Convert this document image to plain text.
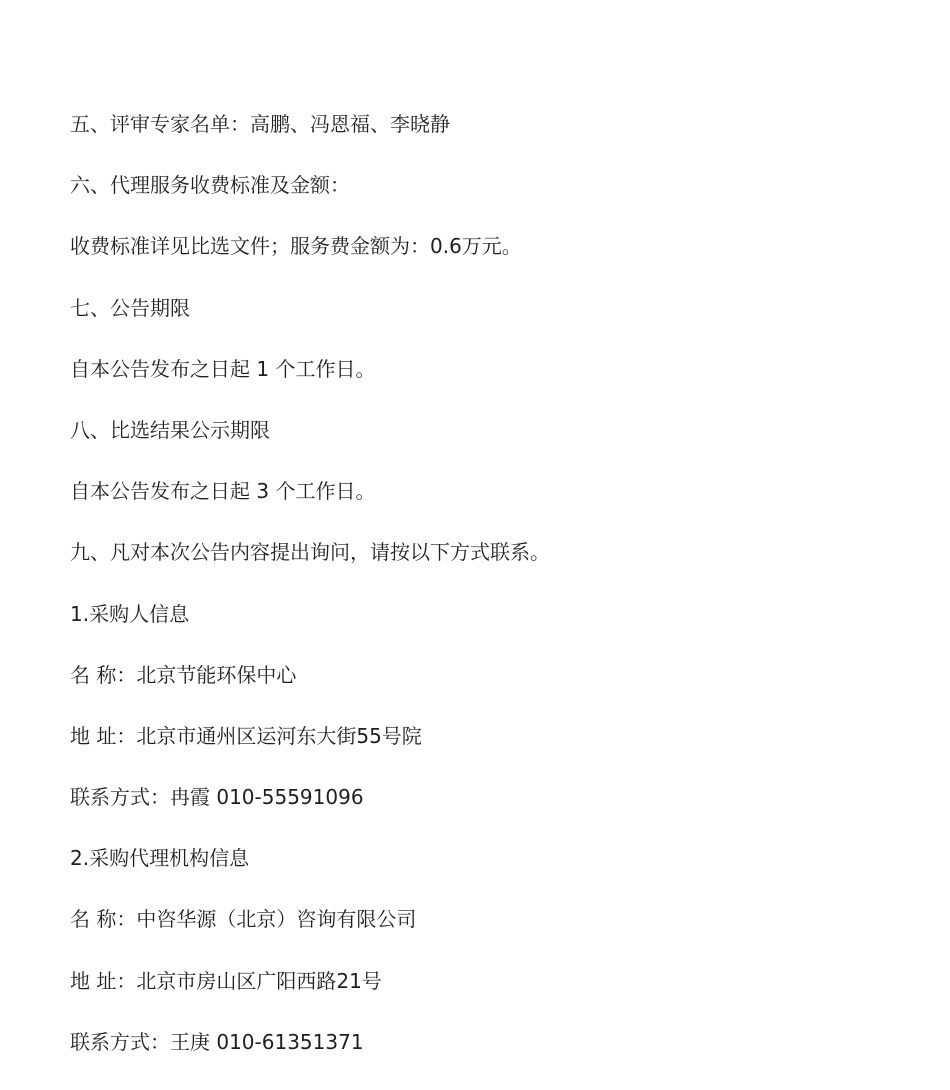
五、评审专家名单：高鹏、冯恩福、李晓静
六、代理服务收费标准及金额：
收费标准详见比选文件；服务费金额为：0.6万元。
七、公告期限
自本公告发布之日起 1 个工作日。
八、比选结果公示期限
自本公告发布之日起 3 个工作日。
九、凡对本次公告内容提出询问，请按以下方式联系。
1.采购人信息
名 称：北京节能环保中心
地 址：北京市通州区运河东大街55号院
联系方式：冉霞 010-55591096
2.采购代理机构信息
名 称：中咨华源（北京）咨询有限公司
地 址：北京市房山区广阳西路21号
联系方式：王庚 010-61351371
